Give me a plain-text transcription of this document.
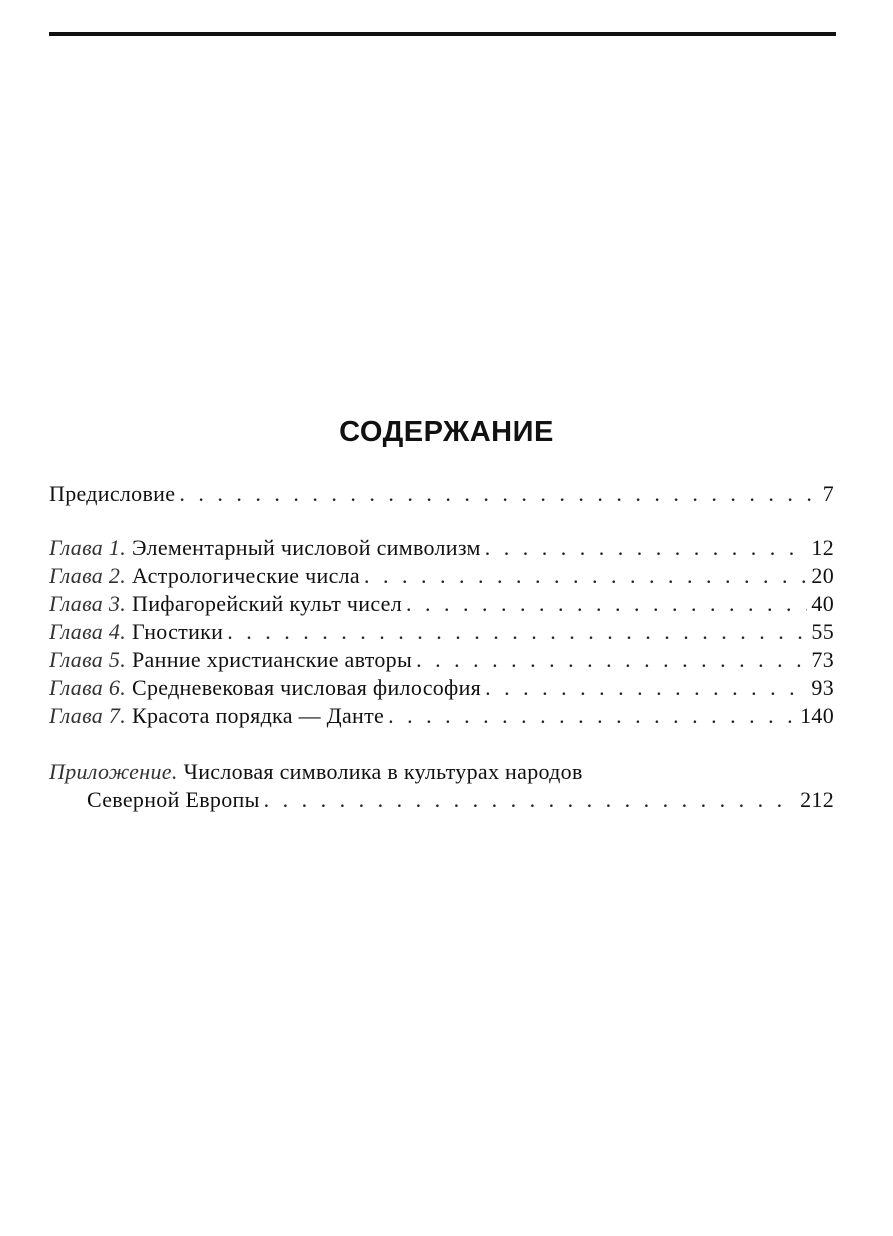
СОДЕРЖАНИЕ
Предисловие . . .	7
Глава 1. Элементарный числовой символизм . . .	12
Глава 2. Астрологические числа . . .	20
Глава 3. Пифагорейский культ чисел . . .	40
Глава 4. Гностики . . .	55
Глава 5. Ранние христианские авторы . . .	73
Глава 6. Средневековая числовая философия . . .	93
Глава 7. Красота порядка — Данте . . .	140
Приложение. Числовая символика в культурах народов
Северной Европы . . .	212
